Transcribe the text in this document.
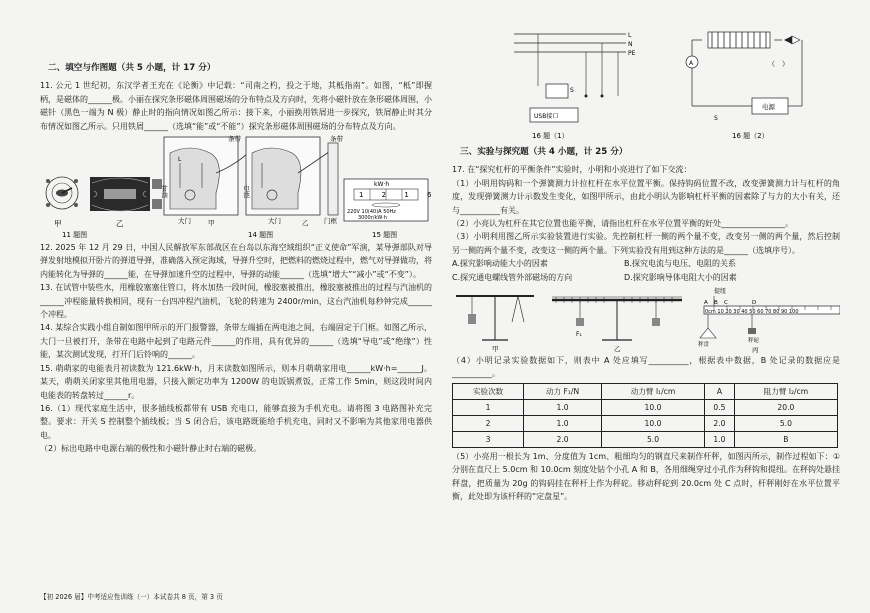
二、填空与作图题（共 5 小题，计 17 分）

11. 公元 1 世纪初，东汉学者王充在《论衡》中记载：“司南之杓，投之于地，其柢指南”。如图，“柢”即握柄，是磁体的______极。小丽在探究条形磁体周围磁场的分布特点及方向时，先将小磁针放在条形磁体周围，小磁针（黑色一端为 N 极）静止时的指向情况如图乙所示：接下来，小丽换用铁屑进一步探究，铁屑静止时其分布情况如图乙所示。只用铁屑______（选填“能”或“不能”）探究条形磁体周围磁场的分布特点及方向。

甲	乙
11 题图
甘油
L
大门	甲
条带
电池
大门	乙 门框
条带
14 题图
kW·h
1 2 1 6
220V 10(40)A 50Hz
3000r/kW·h
15 题图

12. 2025 年 12 月 29 日，中国人民解放军东部战区在台岛以东海空域组织“正义使命”军演，某导弹部队对导弹发射地模拟开卧片的弹道导弹，准确落入预定海域，导弹升空时，把燃料的燃烧过程中，燃气对导弹做功，将内能转化为导弹的______能，在导弹加速升空的过程中，导弹的动能______（选填“增大”“减小”或“不变”）。

13. 在试管中装些水，用橡胶塞塞住管口，将水加热一段时间，橡胶塞被推出，橡胶塞被推出的过程与汽油机的______冲程能量转换相同，现有一台四冲程汽油机，飞轮的转速为 2400r/min，这台汽油机每秒钟完成______个冲程。

14. 某综合实践小组自制如图甲所示的开门报警器，条带左端插在两电池之间，右端固定于门框。如图乙所示，大门一旦被打开，条带在电路中起到了电路元件______的作用，具有优异的______（选填“导电”或“绝缘”）性能，某次测试发现，打开门后铃响的______。

15. 萌萌家的电能表月初读数为 121.6kW·h，月末读数如图所示，则本月萌萌家用电______kW·h=______J。某天，萌萌关闭家里其他用电器，只接入额定功率为 1200W 的电饭锅煮饭，正常工作 5min，则这段时间内电能表的转盘转过______r。

16.（1）现代家庭生活中，很多插线板都带有 USB 充电口，能够直接为手机充电。请将图 3 电路图补充完整。要求：开关 S 控制整个插线板；当 S 闭合后，该电路既能给手机充电，同时又不影响为其他家用电器供电。

（2）标出电路中电源右端的极性和小磁针静止时右端的磁极。

L
N
PE
USB接口
S
16 题（1）
A
电源
S
（ ）
16 题（2）
三、实验与探究题（共 4 小题，计 25 分）

17. 在“探究杠杆的平衡条件”实验时，小明和小亮进行了如下交流：

（1）小明用钩码和一个弹簧测力计拉杠杆在水平位置平衡。保持钩码位置不改，改变弹簧测力计与杠杆的角度，发现弹簧测力计示数发生变化，如图甲所示，由此小明认为影响杠杆平衡的因素除了与力的大小有关，还与__________有关。

（2）小亮认为杠杆在其它位置也能平衡，请指出杠杆在水平位置平衡的好处________________。

（3）小明利用图乙所示实验装置进行实验。先控制杠杆一侧的两个量不变，改变另一侧的两个量，然后控制另一侧的两个量不变，改变这一侧的两个量。下列实验没有用到这种方法的是______（选填序号）。

A.探究影响动能大小的因素	B.探究电流与电压、电阻的关系
C.探究通电螺线管外部磁场的方向	D.探究影响导体电阻大小的因素
甲
F₁
乙
提纽
A B C	D
0cm 10 20 30 40 50 60 70 80 90 100
秤砣
秤盘
丙

（4）小明记录实验数据如下，则表中 A 处应填写__________，根据表中数据，B 处记录的数据应是__________。

实验次数	动力 F₁/N	动力臂 l₁/cm	A	阻力臂 l₂/cm
1	1.0	10.0	0.5	20.0
2	1.0	10.0	2.0	5.0
3	2.0	5.0	1.0	B

（5）小亮用一根长为 1m、分度值为 1cm、粗细均匀的钢直尺来制作杆秤，如图丙所示，制作过程如下：①分别在直尺上 5.0cm 和 10.0cm 刻度处钻个小孔 A 和 B，各用细绳穿过小孔作为秤钩和提纽。在秤钩处悬挂秤盘，把质量为 20g 的钩码挂在秤杆上作为秤砣。移动秤砣到 20.0cm 处 C 点时，杆秤刚好在水平位置平衡，此处即为该杆秤的“定盘星”。

【初 2026 届】中考适应性训练（一）本试卷共 8 页，第 3 页
